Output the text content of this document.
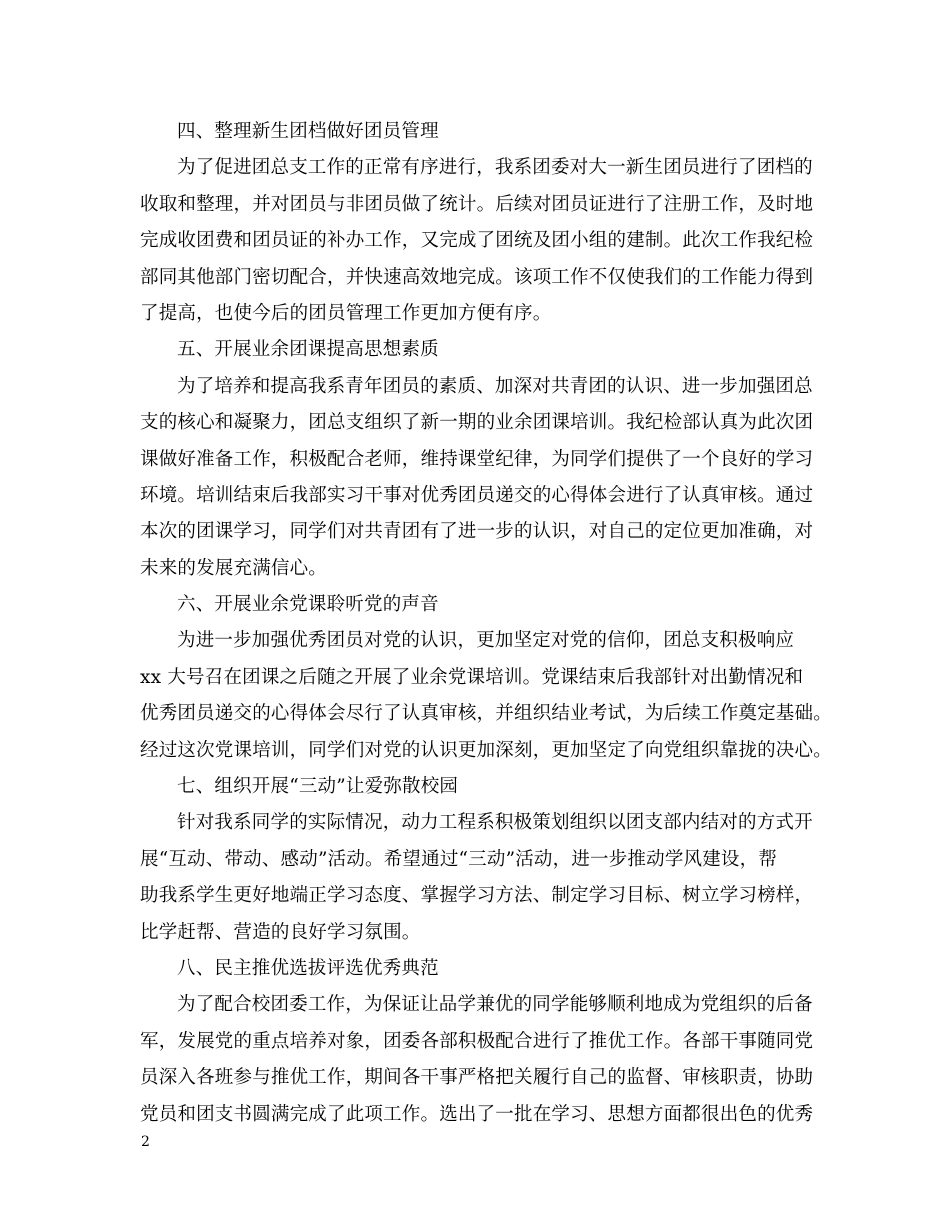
四、整理新生团档做好团员管理
为了促进团总支工作的正常有序进行，我系团委对大一新生团员进行了团档的
收取和整理，并对团员与非团员做了统计。后续对团员证进行了注册工作，及时地
完成收团费和团员证的补办工作，又完成了团统及团小组的建制。此次工作我纪检
部同其他部门密切配合，并快速高效地完成。该项工作不仅使我们的工作能力得到
了提高，也使今后的团员管理工作更加方便有序。
五、开展业余团课提高思想素质
为了培养和提高我系青年团员的素质、加深对共青团的认识、进一步加强团总
支的核心和凝聚力，团总支组织了新一期的业余团课培训。我纪检部认真为此次团
课做好准备工作，积极配合老师，维持课堂纪律，为同学们提供了一个良好的学习
环境。培训结束后我部实习干事对优秀团员递交的心得体会进行了认真审核。通过
本次的团课学习，同学们对共青团有了进一步的认识，对自己的定位更加准确，对
未来的发展充满信心。
六、开展业余党课聆听党的声音
为进一步加强优秀团员对党的认识，更加坚定对党的信仰，团总支积极响应
xx 大号召在团课之后随之开展了业余党课培训。党课结束后我部针对出勤情况和
优秀团员递交的心得体会尽行了认真审核，并组织结业考试，为后续工作奠定基础。
经过这次党课培训，同学们对党的认识更加深刻，更加坚定了向党组织靠拢的决心。
七、组织开展“三动”让爱弥散校园
针对我系同学的实际情况，动力工程系积极策划组织以团支部内结对的方式开
展“互动、带动、感动”活动。希望通过“三动”活动，进一步推动学风建设，帮
助我系学生更好地端正学习态度、掌握学习方法、制定学习目标、树立学习榜样，
比学赶帮、营造的良好学习氛围。
八、民主推优选拔评选优秀典范
为了配合校团委工作，为保证让品学兼优的同学能够顺利地成为党组织的后备
军，发展党的重点培养对象，团委各部积极配合进行了推优工作。各部干事随同党
员深入各班参与推优工作，期间各干事严格把关履行自己的监督、审核职责，协助
党员和团支书圆满完成了此项工作。选出了一批在学习、思想方面都很出色的优秀
2
